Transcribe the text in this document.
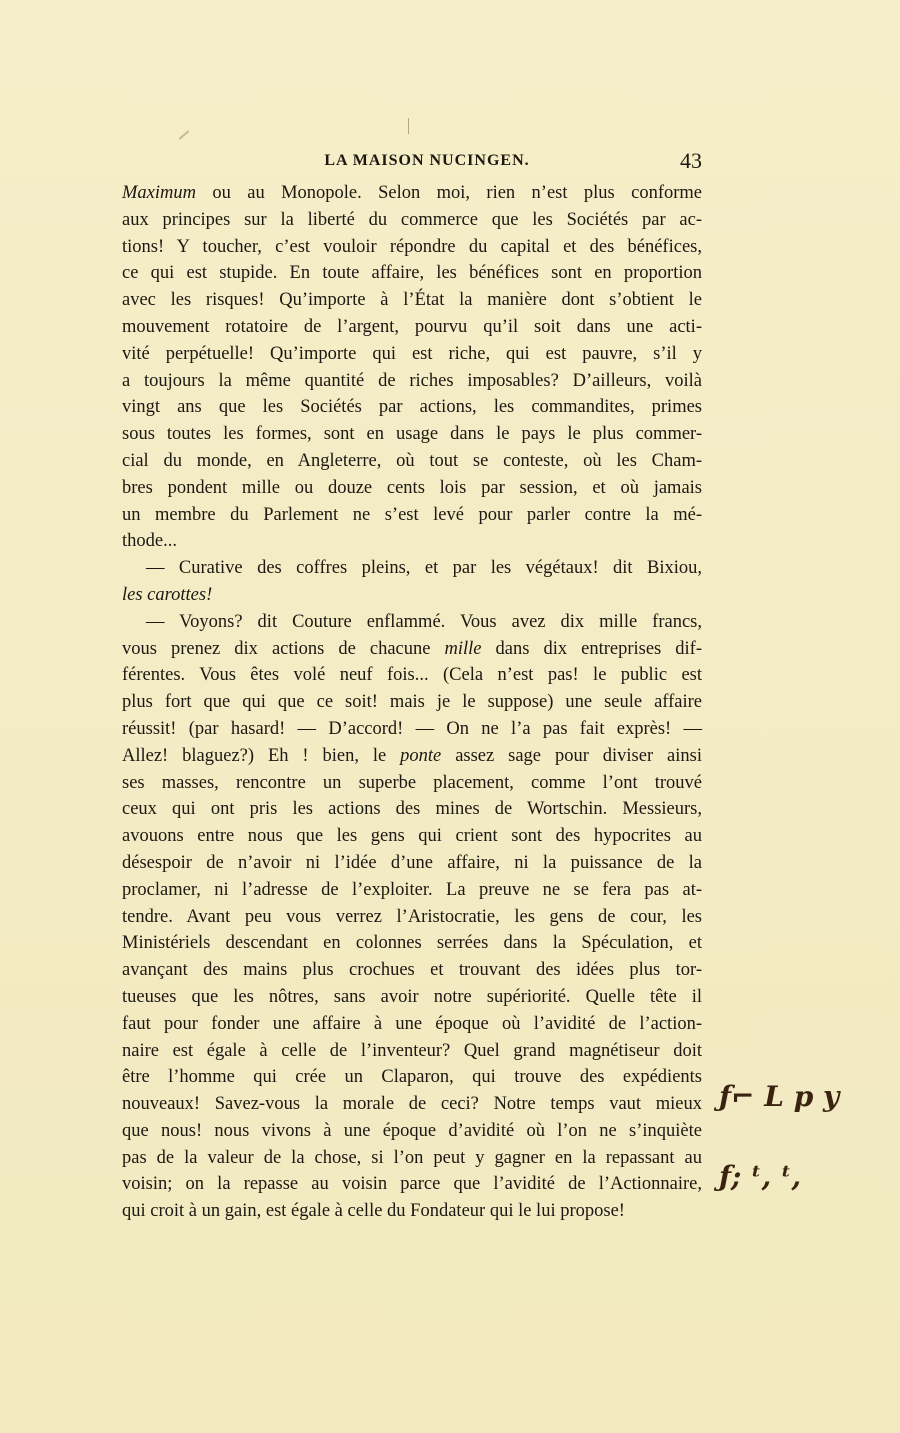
LA MAISON NUCINGEN.	43
Maximum ou au Monopole. Selon moi, rien n’est plus conforme
aux principes sur la liberté du commerce que les Sociétés par ac-
tions! Y toucher, c’est vouloir répondre du capital et des bénéfices,
ce qui est stupide. En toute affaire, les bénéfices sont en proportion
avec les risques! Qu’importe à l’État la manière dont s’obtient le
mouvement rotatoire de l’argent, pourvu qu’il soit dans une acti-
vité perpétuelle! Qu’importe qui est riche, qui est pauvre, s’il y
a toujours la même quantité de riches imposables? D’ailleurs, voilà
vingt ans que les Sociétés par actions, les commandites, primes
sous toutes les formes, sont en usage dans le pays le plus commer-
cial du monde, en Angleterre, où tout se conteste, où les Cham-
bres pondent mille ou douze cents lois par session, et où jamais
un membre du Parlement ne s’est levé pour parler contre la mé-
thode...
— Curative des coffres pleins, et par les végétaux! dit Bixiou,
les carottes!
— Voyons? dit Couture enflammé. Vous avez dix mille francs,
vous prenez dix actions de chacune mille dans dix entreprises dif-
férentes. Vous êtes volé neuf fois... (Cela n’est pas! le public est
plus fort que qui que ce soit! mais je le suppose) une seule affaire
réussit! (par hasard! — D’accord! — On ne l’a pas fait exprès! —
Allez! blaguez?) Eh ! bien, le ponte assez sage pour diviser ainsi
ses masses, rencontre un superbe placement, comme l’ont trouvé
ceux qui ont pris les actions des mines de Wortschin. Messieurs,
avouons entre nous que les gens qui crient sont des hypocrites au
désespoir de n’avoir ni l’idée d’une affaire, ni la puissance de la
proclamer, ni l’adresse de l’exploiter. La preuve ne se fera pas at-
tendre. Avant peu vous verrez l’Aristocratie, les gens de cour, les
Ministériels descendant en colonnes serrées dans la Spéculation, et
avançant des mains plus crochues et trouvant des idées plus tor-
tueuses que les nôtres, sans avoir notre supériorité. Quelle tête il
faut pour fonder une affaire à une époque où l’avidité de l’action-
naire est égale à celle de l’inventeur? Quel grand magnétiseur doit
être l’homme qui crée un Claparon, qui trouve des expédients
nouveaux! Savez-vous la morale de ceci? Notre temps vaut mieux
que nous! nous vivons à une époque d’avidité où l’on ne s’inquiète
pas de la valeur de la chose, si l’on peut y gagner en la repassant au
voisin; on la repasse au voisin parce que l’avidité de l’Actionnaire,
qui croit à un gain, est égale à celle du Fondateur qui le lui propose!
ƒ⌐ L p y
ƒ; ᵗ, ᵗ,
